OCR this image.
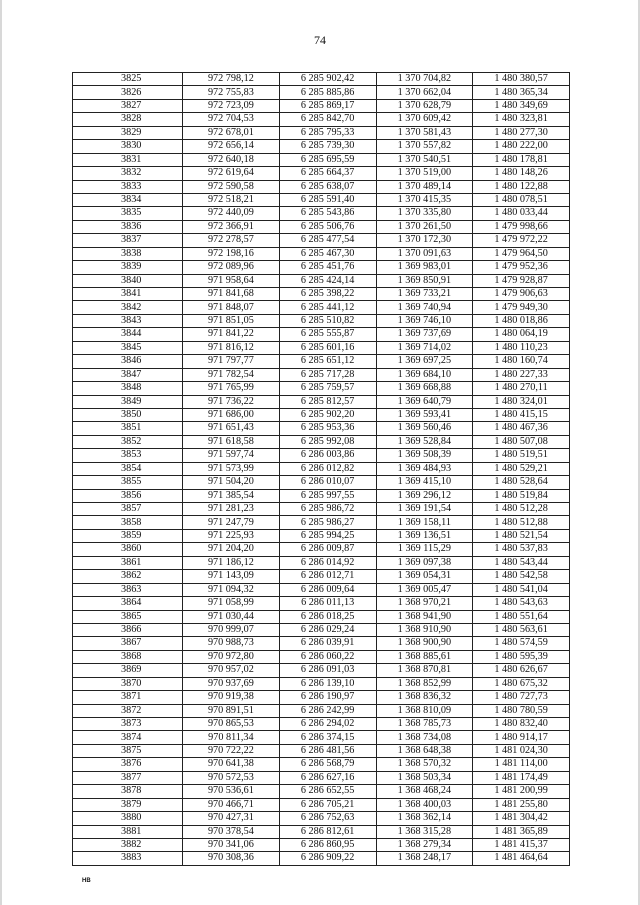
74
3825	972 798,12	6 285 902,42	1 370 704,82	1 480 380,57
3826	972 755,83	6 285 885,86	1 370 662,04	1 480 365,34
3827	972 723,09	6 285 869,17	1 370 628,79	1 480 349,69
3828	972 704,53	6 285 842,70	1 370 609,42	1 480 323,81
3829	972 678,01	6 285 795,33	1 370 581,43	1 480 277,30
3830	972 656,14	6 285 739,30	1 370 557,82	1 480 222,00
3831	972 640,18	6 285 695,59	1 370 540,51	1 480 178,81
3832	972 619,64	6 285 664,37	1 370 519,00	1 480 148,26
3833	972 590,58	6 285 638,07	1 370 489,14	1 480 122,88
3834	972 518,21	6 285 591,40	1 370 415,35	1 480 078,51
3835	972 440,09	6 285 543,86	1 370 335,80	1 480 033,44
3836	972 366,91	6 285 506,76	1 370 261,50	1 479 998,66
3837	972 278,57	6 285 477,54	1 370 172,30	1 479 972,22
3838	972 198,16	6 285 467,30	1 370 091,63	1 479 964,50
3839	972 089,96	6 285 451,76	1 369 983,01	1 479 952,36
3840	971 958,64	6 285 424,14	1 369 850,91	1 479 928,87
3841	971 841,68	6 285 398,22	1 369 733,21	1 479 906,63
3842	971 848,07	6 285 441,12	1 369 740,94	1 479 949,30
3843	971 851,05	6 285 510,82	1 369 746,10	1 480 018,86
3844	971 841,22	6 285 555,87	1 369 737,69	1 480 064,19
3845	971 816,12	6 285 601,16	1 369 714,02	1 480 110,23
3846	971 797,77	6 285 651,12	1 369 697,25	1 480 160,74
3847	971 782,54	6 285 717,28	1 369 684,10	1 480 227,33
3848	971 765,99	6 285 759,57	1 369 668,88	1 480 270,11
3849	971 736,22	6 285 812,57	1 369 640,79	1 480 324,01
3850	971 686,00	6 285 902,20	1 369 593,41	1 480 415,15
3851	971 651,43	6 285 953,36	1 369 560,46	1 480 467,36
3852	971 618,58	6 285 992,08	1 369 528,84	1 480 507,08
3853	971 597,74	6 286 003,86	1 369 508,39	1 480 519,51
3854	971 573,99	6 286 012,82	1 369 484,93	1 480 529,21
3855	971 504,20	6 286 010,07	1 369 415,10	1 480 528,64
3856	971 385,54	6 285 997,55	1 369 296,12	1 480 519,84
3857	971 281,23	6 285 986,72	1 369 191,54	1 480 512,28
3858	971 247,79	6 285 986,27	1 369 158,11	1 480 512,88
3859	971 225,93	6 285 994,25	1 369 136,51	1 480 521,54
3860	971 204,20	6 286 009,87	1 369 115,29	1 480 537,83
3861	971 186,12	6 286 014,92	1 369 097,38	1 480 543,44
3862	971 143,09	6 286 012,71	1 369 054,31	1 480 542,58
3863	971 094,32	6 286 009,64	1 369 005,47	1 480 541,04
3864	971 058,99	6 286 011,13	1 368 970,21	1 480 543,63
3865	971 030,44	6 286 018,25	1 368 941,90	1 480 551,64
3866	970 999,07	6 286 029,24	1 368 910,90	1 480 563,61
3867	970 988,73	6 286 039,91	1 368 900,90	1 480 574,59
3868	970 972,80	6 286 060,22	1 368 885,61	1 480 595,39
3869	970 957,02	6 286 091,03	1 368 870,81	1 480 626,67
3870	970 937,69	6 286 139,10	1 368 852,99	1 480 675,32
3871	970 919,38	6 286 190,97	1 368 836,32	1 480 727,73
3872	970 891,51	6 286 242,99	1 368 810,09	1 480 780,59
3873	970 865,53	6 286 294,02	1 368 785,73	1 480 832,40
3874	970 811,34	6 286 374,15	1 368 734,08	1 480 914,17
3875	970 722,22	6 286 481,56	1 368 648,38	1 481 024,30
3876	970 641,38	6 286 568,79	1 368 570,32	1 481 114,00
3877	970 572,53	6 286 627,16	1 368 503,34	1 481 174,49
3878	970 536,61	6 286 652,55	1 368 468,24	1 481 200,99
3879	970 466,71	6 286 705,21	1 368 400,03	1 481 255,80
3880	970 427,31	6 286 752,63	1 368 362,14	1 481 304,42
3881	970 378,54	6 286 812,61	1 368 315,28	1 481 365,89
3882	970 341,06	6 286 860,95	1 368 279,34	1 481 415,37
3883	970 308,36	6 286 909,22	1 368 248,17	1 481 464,64
НВ
